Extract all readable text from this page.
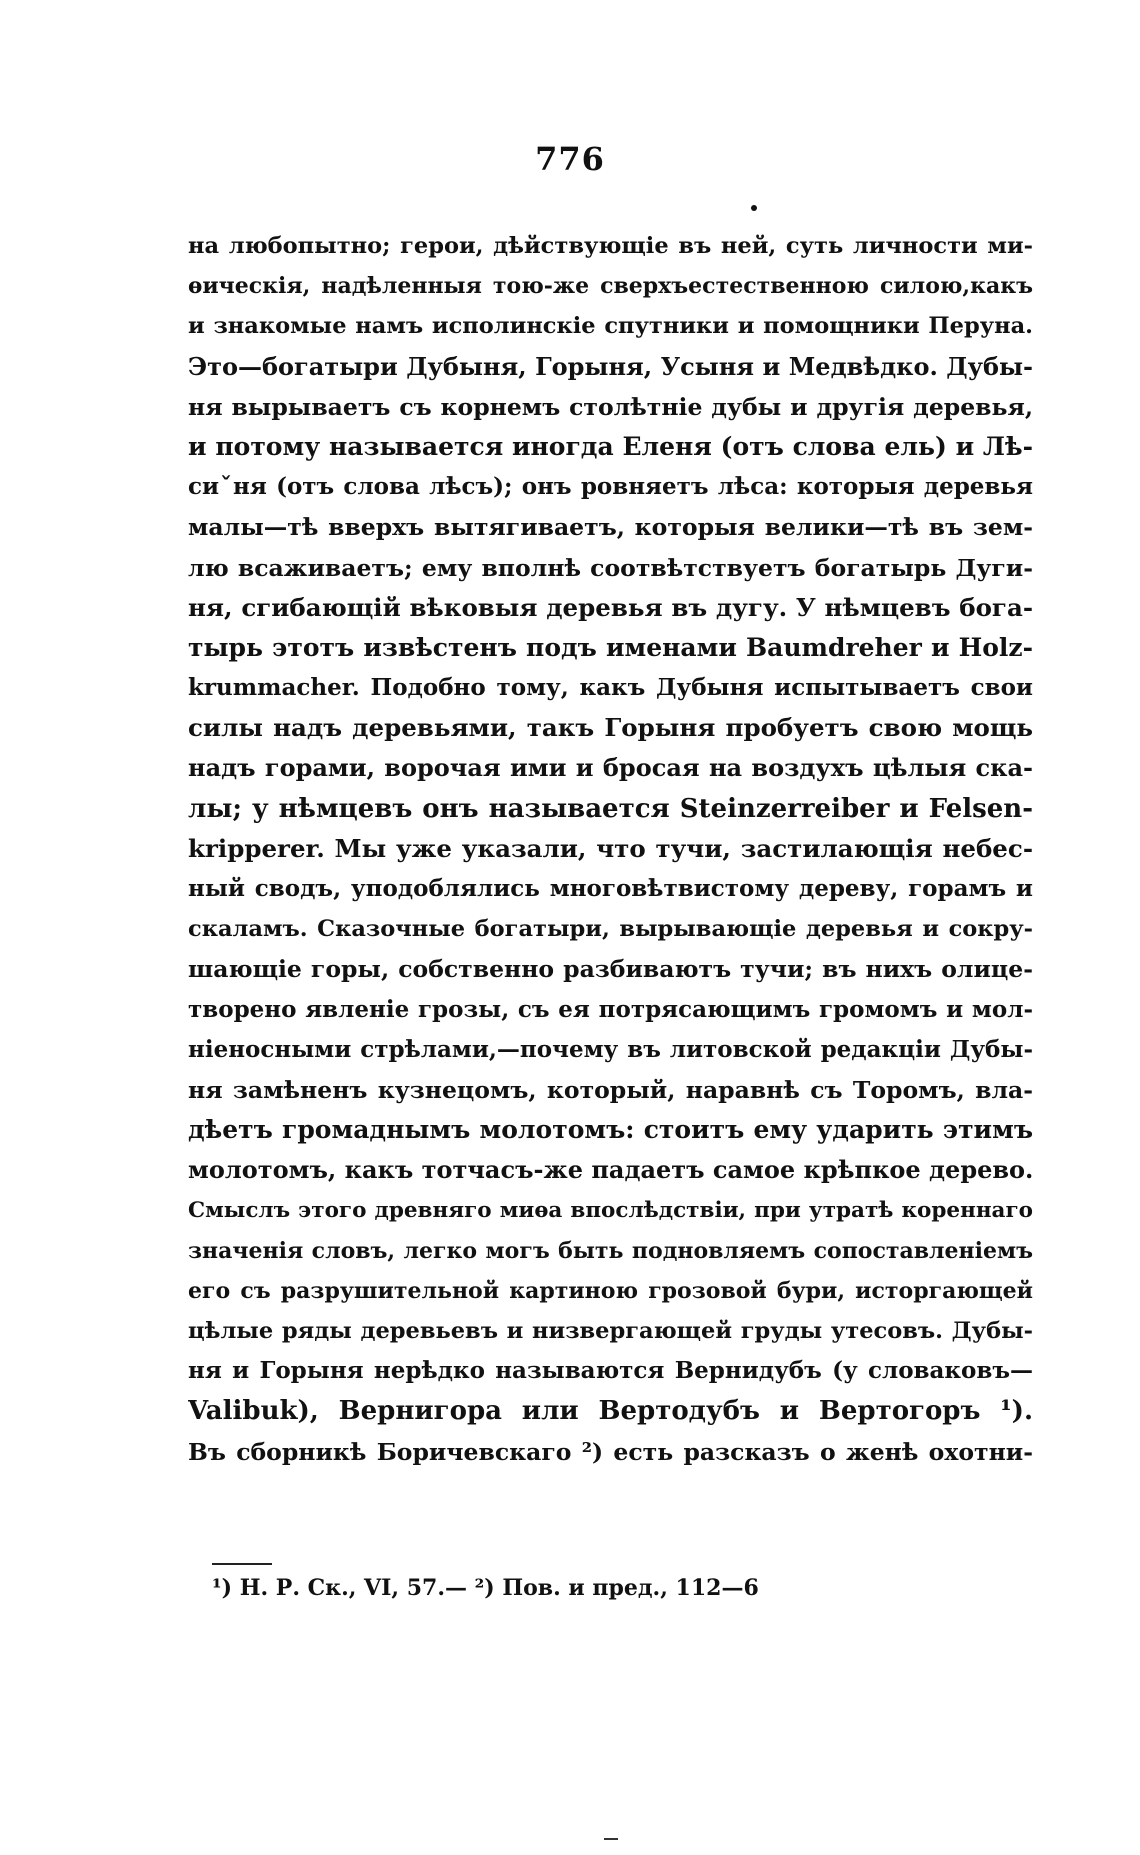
776
на любопытно; герои, дѣйствующіе въ ней, суть личности ми-
ѳическія, надѣленныя тою-же сверхъестественною силою,какъ
и знакомые намъ исполинскіе спутники и помощники Перуна.
Это—богатыри Дубыня, Горыня, Усыня и Медвѣдко. Дубы-
ня вырываетъ съ корнемъ столѣтніе дубы и другія деревья,
и потому называется иногда Еленя (отъ слова ель) и Лѣ-
сиˇня (отъ слова лѣсъ); онъ ровняетъ лѣса: которыя деревья
малы—тѣ вверхъ вытягиваетъ, которыя велики—тѣ въ зем-
лю всаживаетъ; ему вполнѣ соотвѣтствуетъ богатырь Дуги-
ня, сгибающій вѣковыя деревья въ дугу. У нѣмцевъ бога-
тырь этотъ извѣстенъ подъ именами Baumdreher и Holz-
krummacher. Подобно тому, какъ Дубыня испытываетъ свои
силы надъ деревьями, такъ Горыня пробуетъ свою мощь
надъ горами, ворочая ими и бросая на воздухъ цѣлыя ска-
лы; у нѣмцевъ онъ называется Steinzerreiber и Felsen-
kripperer. Мы уже указали, что тучи, застилающія небес-
ный сводъ, уподоблялись многовѣтвистому дереву, горамъ и
скаламъ. Сказочные богатыри, вырывающіе деревья и сокру-
шающіе горы, собственно разбиваютъ тучи; въ нихъ олице-
творено явленіе грозы, съ ея потрясающимъ громомъ и мол-
ніеносными стрѣлами,—почему въ литовской редакціи Дубы-
ня замѣненъ кузнецомъ, который, наравнѣ съ Торомъ, вла-
дѣетъ громаднымъ молотомъ: стоитъ ему ударить этимъ
молотомъ, какъ тотчасъ-же падаетъ самое крѣпкое дерево.
Смыслъ этого древняго миѳа впослѣдствіи, при утратѣ кореннаго
значенія словъ, легко могъ быть подновляемъ сопоставленіемъ
его съ разрушительной картиною грозовой бури, исторгающей
цѣлые ряды деревьевъ и низвергающей груды утесовъ. Дубы-
ня и Горыня нерѣдко называются Вернидубъ (у словаковъ—
Valibuk), Вернигора или Вертодубъ и Вертогоръ ¹).
Въ сборникѣ Боричевскаго ²) есть разсказъ о женѣ охотни-
¹) Н. Р. Ск., VI, 57.— ²) Пов. и пред., 112—6
